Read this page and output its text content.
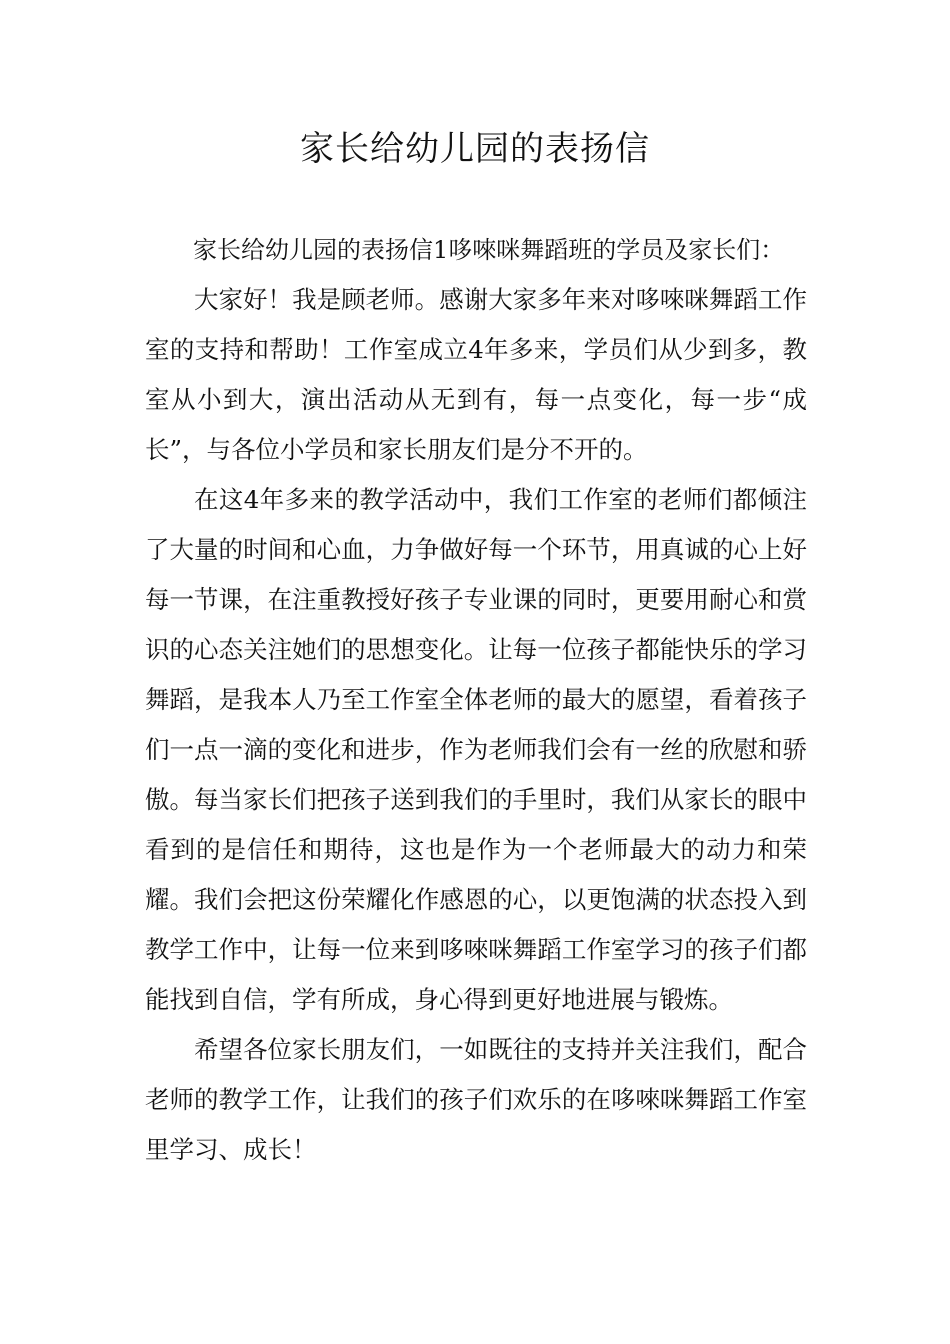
家长给幼儿园的表扬信

家长给幼儿园的表扬信1哆唻咪舞蹈班的学员及家长们：

大家好！我是顾老师。感谢大家多年来对哆唻咪舞蹈工作室的支持和帮助！工作室成立4年多来，学员们从少到多，教室从小到大，演出活动从无到有，每一点变化，每一步“成长”，与各位小学员和家长朋友们是分不开的。

在这4年多来的教学活动中，我们工作室的老师们都倾注了大量的时间和心血，力争做好每一个环节，用真诚的心上好每一节课，在注重教授好孩子专业课的同时，更要用耐心和赏识的心态关注她们的思想变化。让每一位孩子都能快乐的学习舞蹈，是我本人乃至工作室全体老师的最大的愿望，看着孩子们一点一滴的变化和进步，作为老师我们会有一丝的欣慰和骄傲。每当家长们把孩子送到我们的手里时，我们从家长的眼中看到的是信任和期待，这也是作为一个老师最大的动力和荣耀。我们会把这份荣耀化作感恩的心，以更饱满的状态投入到教学工作中，让每一位来到哆唻咪舞蹈工作室学习的孩子们都能找到自信，学有所成，身心得到更好地进展与锻炼。

希望各位家长朋友们，一如既往的支持并关注我们，配合老师的教学工作，让我们的孩子们欢乐的在哆唻咪舞蹈工作室里学习、成长！
